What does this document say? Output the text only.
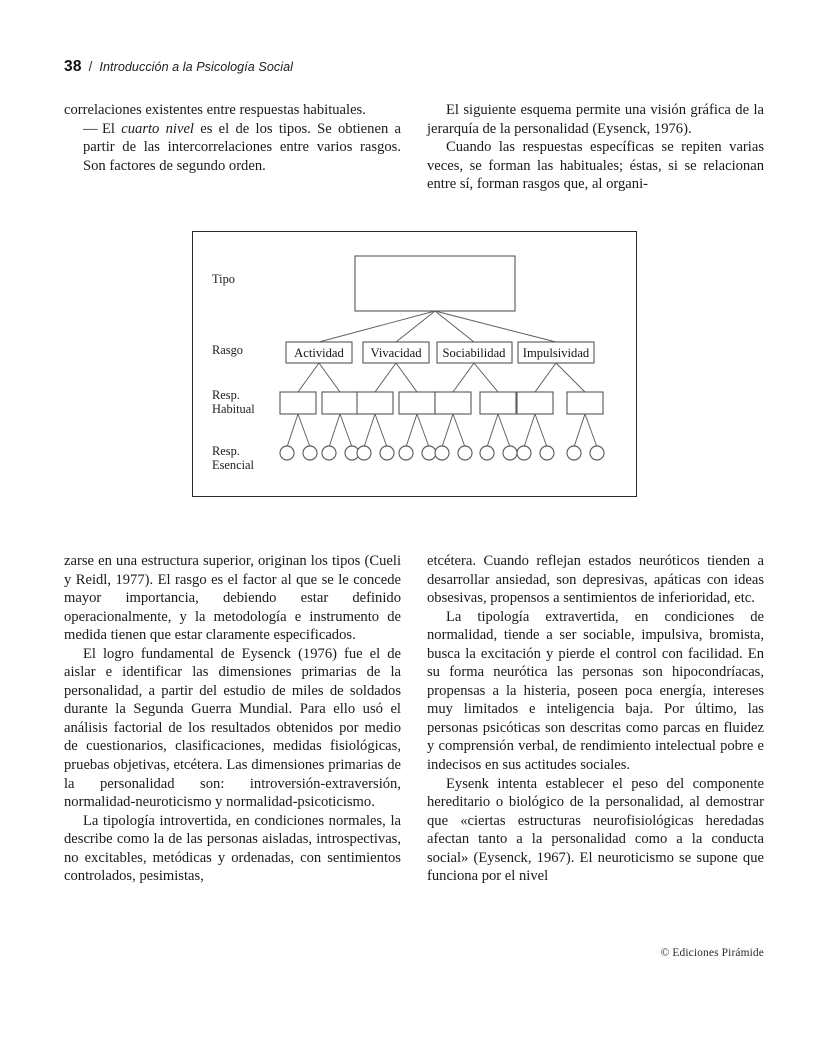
38 / Introducción a la Psicología Social

correlaciones existentes entre respuestas habituales.

— El cuarto nivel es el de los tipos. Se obtienen a partir de las intercorrelaciones entre varios rasgos. Son factores de segundo orden.

El siguiente esquema permite una visión gráfica de la jerarquía de la personalidad (Eysenck, 1976).

Cuando las respuestas específicas se repiten varias veces, se forman las habituales; éstas, si se relacionan entre sí, forman rasgos que, al organi-

Tipo
Rasgo
Resp.
Habitual
Resp.
Esencial
Actividad Vivacidad Sociabilidad Impulsividad

zarse en una estructura superior, originan los tipos (Cueli y Reidl, 1977). El rasgo es el factor al que se le concede mayor importancia, debiendo estar definido operacionalmente, y la metodología e instrumento de medida tienen que estar claramente especificados.

El logro fundamental de Eysenck (1976) fue el de aislar e identificar las dimensiones primarias de la personalidad, a partir del estudio de miles de soldados durante la Segunda Guerra Mundial. Para ello usó el análisis factorial de los resultados obtenidos por medio de cuestionarios, clasificaciones, medidas fisiológicas, pruebas objetivas, etcétera. Las dimensiones primarias de la personalidad son: introversión-extraversión, normalidad-neuroticismo y normalidad-psicoticismo.

La tipología introvertida, en condiciones normales, la describe como la de las personas aisladas, introspectivas, no excitables, metódicas y ordenadas, con sentimientos controlados, pesimistas,

etcétera. Cuando reflejan estados neuróticos tienden a desarrollar ansiedad, son depresivas, apáticas con ideas obsesivas, propensos a sentimientos de inferioridad, etc.

La tipología extravertida, en condiciones de normalidad, tiende a ser sociable, impulsiva, bromista, busca la excitación y pierde el control con facilidad. En su forma neurótica las personas son hipocondríacas, propensas a la histeria, poseen poca energía, intereses muy limitados e inteligencia baja. Por último, las personas psicóticas son descritas como parcas en fluidez y comprensión verbal, de rendimiento intelectual pobre e indecisos en sus actitudes sociales.

Eysenk intenta establecer el peso del componente hereditario o biológico de la personalidad, al demostrar que «ciertas estructuras neurofisiológicas heredadas afectan tanto a la personalidad como a la conducta social» (Eysenck, 1967). El neuroticismo se supone que funciona por el nivel

© Ediciones Pirámide
